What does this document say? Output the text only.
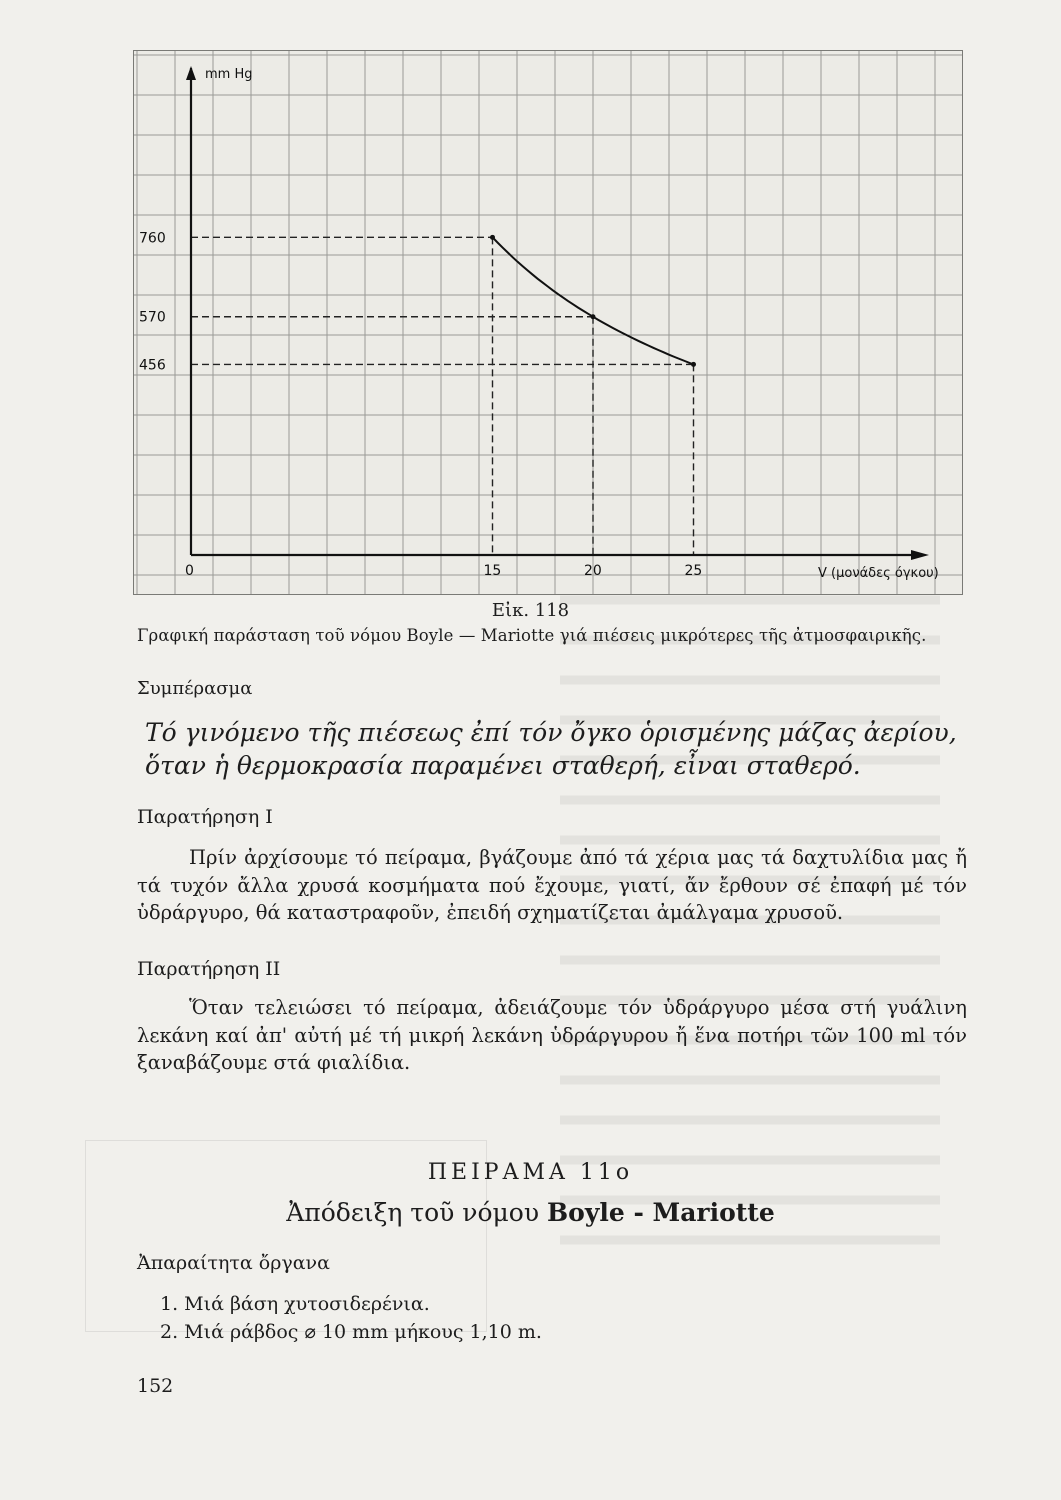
mm Hg
V (μονάδες όγκου)
0	15	20	25
760
570
456
Εἰκ. 118
Γραφική παράσταση τοῦ νόμου Boyle — Mariotte γιά πιέσεις μικρότερες τῆς ἀτμοσφαιρικῆς.
Συμπέρασμα
Τό γινόμενο τῆς πιέσεως ἐπί τόν ὄγκο ὁρισμένης μάζας ἀερίου, ὅταν ἡ θερμοκρασία παραμένει σταθερή, εἶναι σταθερό.
Παρατήρηση Ι
Πρίν ἀρχίσουμε τό πείραμα, βγάζουμε ἀπό τά χέρια μας τά δαχτυλίδια μας ἤ τά τυχόν ἄλλα χρυσά κοσμήματα πού ἔχουμε, γιατί, ἄν ἔρθουν σέ ἐπαφή μέ τόν ὑδράργυρο, θά καταστραφοῦν, ἐπειδή σχηματίζεται ἀμάλγαμα χρυσοῦ.
Παρατήρηση ΙΙ
Ὅταν τελειώσει τό πείραμα, ἀδειάζουμε τόν ὑδράργυρο μέσα στή γυάλινη λεκάνη καί ἀπ' αὐτή μέ τή μικρή λεκάνη ὑδράργυρου ἤ ἕνα ποτήρι τῶν 100 ml τόν ξαναβάζουμε στά φιαλίδια.
ΠΕΙΡΑΜΑ 11ο
Ἀπόδειξη τοῦ νόμου Boyle - Mariotte
Ἀπαραίτητα ὄργανα
1. Μιά βάση χυτοσιδερένια.
2. Μιά ράβδος ⌀ 10 mm μήκους 1,10 m.
152
